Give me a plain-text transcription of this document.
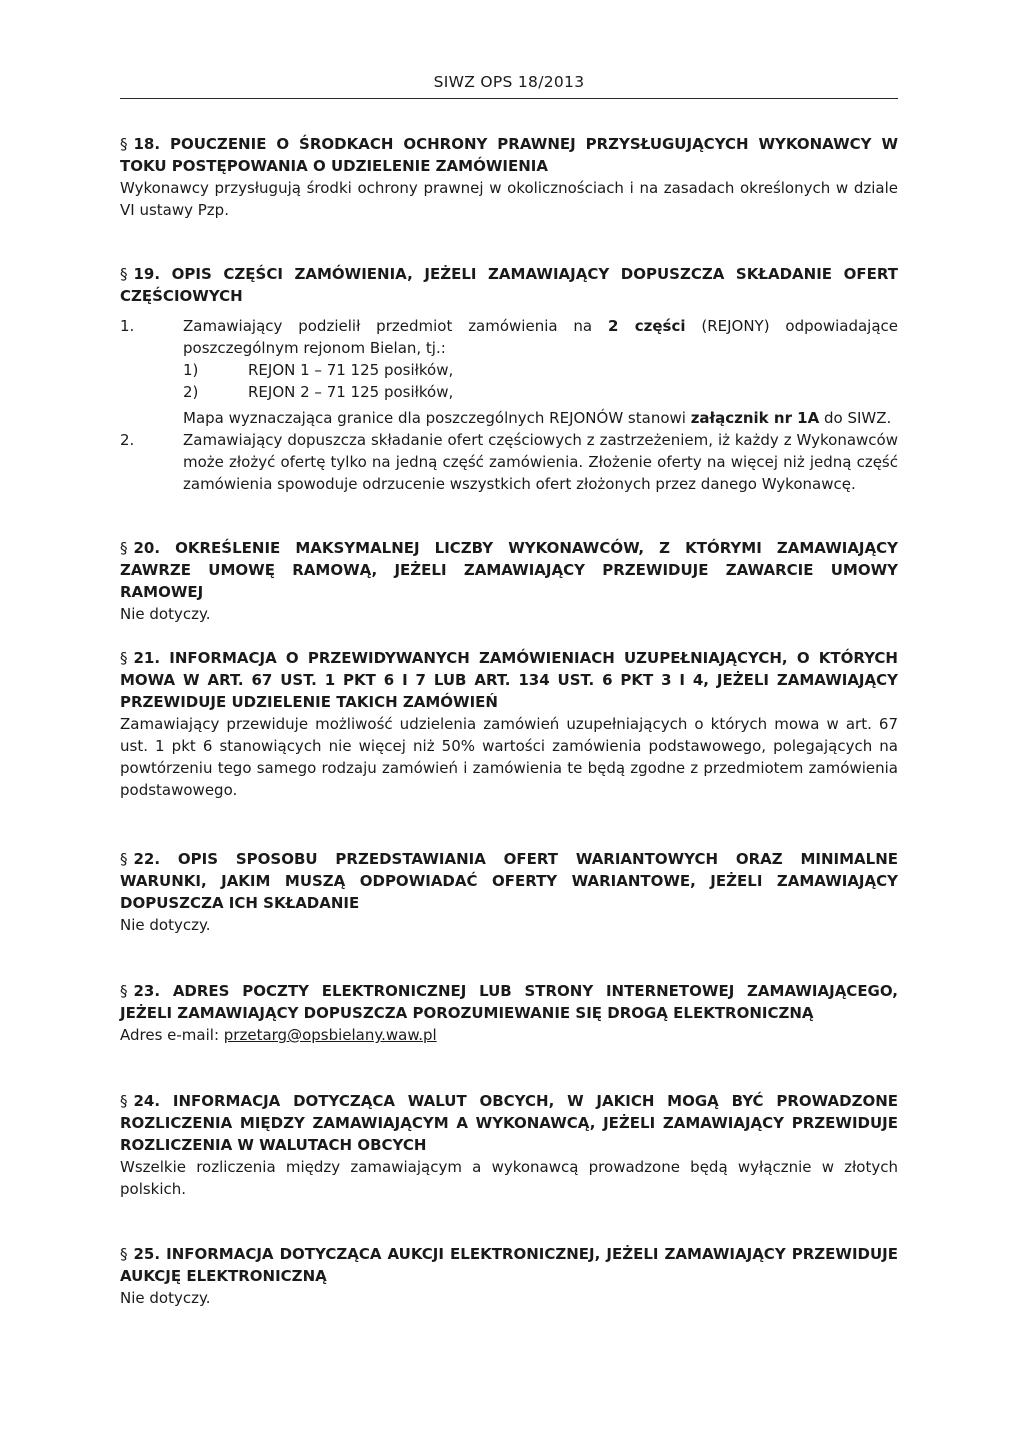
SIWZ OPS 18/2013

§ 18. POUCZENIE O ŚRODKACH OCHRONY PRAWNEJ PRZYSŁUGUJĄCYCH WYKONAWCY W TOKU POSTĘPOWANIA O UDZIELENIE ZAMÓWIENIA

Wykonawcy przysługują środki ochrony prawnej w okolicznościach i na zasadach określonych w dziale VI ustawy Pzp.

§ 19. OPIS CZĘŚCI ZAMÓWIENIA, JEŻELI ZAMAWIAJĄCY DOPUSZCZA SKŁADANIE OFERT CZĘŚCIOWYCH

1.	Zamawiający podzielił przedmiot zamówienia na 2 części (REJONY) odpowiadające poszczególnym rejonom Bielan, tj.:

1)	REJON 1 – 71 125 posiłków,
2)	REJON 2 – 71 125 posiłków,

Mapa wyznaczająca granice dla poszczególnych REJONÓW stanowi załącznik nr 1A do SIWZ.

2.	Zamawiający dopuszcza składanie ofert częściowych z zastrzeżeniem, iż każdy z Wykonawców może złożyć ofertę tylko na jedną część zamówienia. Złożenie oferty na więcej niż jedną część zamówienia spowoduje odrzucenie wszystkich ofert złożonych przez danego Wykonawcę.

§ 20. OKREŚLENIE MAKSYMALNEJ LICZBY WYKONAWCÓW, Z KTÓRYMI ZAMAWIAJĄCY ZAWRZE UMOWĘ RAMOWĄ, JEŻELI ZAMAWIAJĄCY PRZEWIDUJE ZAWARCIE UMOWY RAMOWEJ

Nie dotyczy.

§ 21. INFORMACJA O PRZEWIDYWANYCH ZAMÓWIENIACH UZUPEŁNIAJĄCYCH, O KTÓRYCH MOWA W ART. 67 UST. 1 PKT 6 I 7 LUB ART. 134 UST. 6 PKT 3 I 4, JEŻELI ZAMAWIAJĄCY PRZEWIDUJE UDZIELENIE TAKICH ZAMÓWIEŃ

Zamawiający przewiduje możliwość udzielenia zamówień uzupełniających o których mowa w art. 67 ust. 1 pkt 6 stanowiących nie więcej niż 50% wartości zamówienia podstawowego, polegających na powtórzeniu tego samego rodzaju zamówień i zamówienia te będą zgodne z przedmiotem zamówienia podstawowego.

§ 22. OPIS SPOSOBU PRZEDSTAWIANIA OFERT WARIANTOWYCH ORAZ MINIMALNE WARUNKI, JAKIM MUSZĄ ODPOWIADAĆ OFERTY WARIANTOWE, JEŻELI ZAMAWIAJĄCY DOPUSZCZA ICH SKŁADANIE

Nie dotyczy.

§ 23. ADRES POCZTY ELEKTRONICZNEJ LUB STRONY INTERNETOWEJ ZAMAWIAJĄCEGO, JEŻELI ZAMAWIAJĄCY DOPUSZCZA POROZUMIEWANIE SIĘ DROGĄ ELEKTRONICZNĄ

Adres e-mail: przetarg@opsbielany.waw.pl

§ 24. INFORMACJA DOTYCZĄCA WALUT OBCYCH, W JAKICH MOGĄ BYĆ PROWADZONE ROZLICZENIA MIĘDZY ZAMAWIAJĄCYM A WYKONAWCĄ, JEŻELI ZAMAWIAJĄCY PRZEWIDUJE ROZLICZENIA W WALUTACH OBCYCH

Wszelkie rozliczenia między zamawiającym a wykonawcą prowadzone będą wyłącznie w złotych polskich.

§ 25. INFORMACJA DOTYCZĄCA AUKCJI ELEKTRONICZNEJ, JEŻELI ZAMAWIAJĄCY PRZEWIDUJE AUKCJĘ ELEKTRONICZNĄ

Nie dotyczy.
